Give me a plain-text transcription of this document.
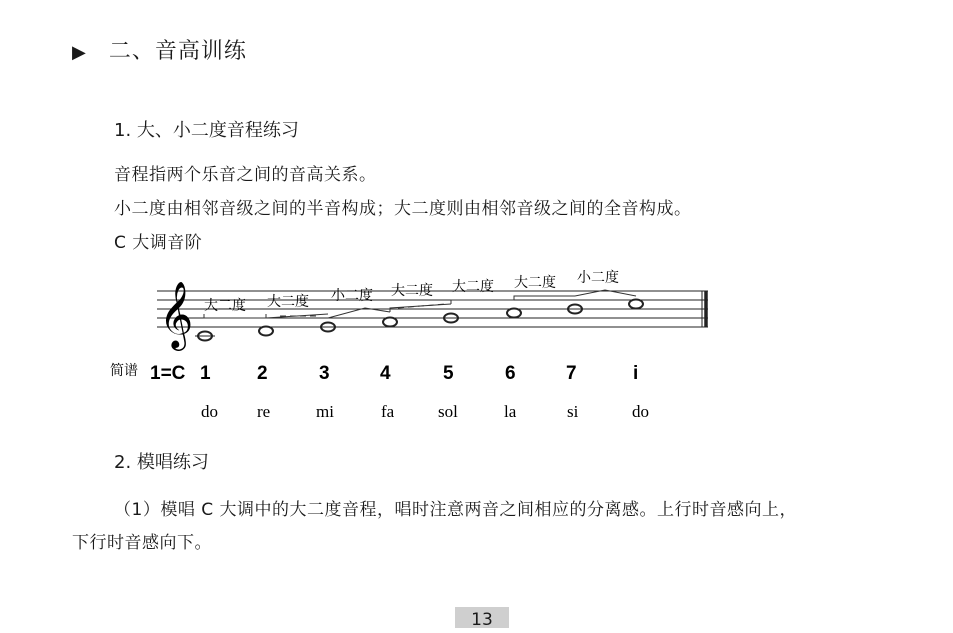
▶ 二、音高训练
1. 大、小二度音程练习
音程指两个乐音之间的音高关系。
小二度由相邻音级之间的半音构成；大二度则由相邻音级之间的全音构成。
C 大调音阶
𝄞 大二度 大二度 小二度 大二度 大二度 大二度 小二度
简谱 1=C 1 2	3	4	5	6	7	i
do re	mi	fa	sol	la	si	do
2. 模唱练习
（1）模唱 C 大调中的大二度音程，唱时注意两音之间相应的分离感。上行时音感向上，
下行时音感向下。
13
